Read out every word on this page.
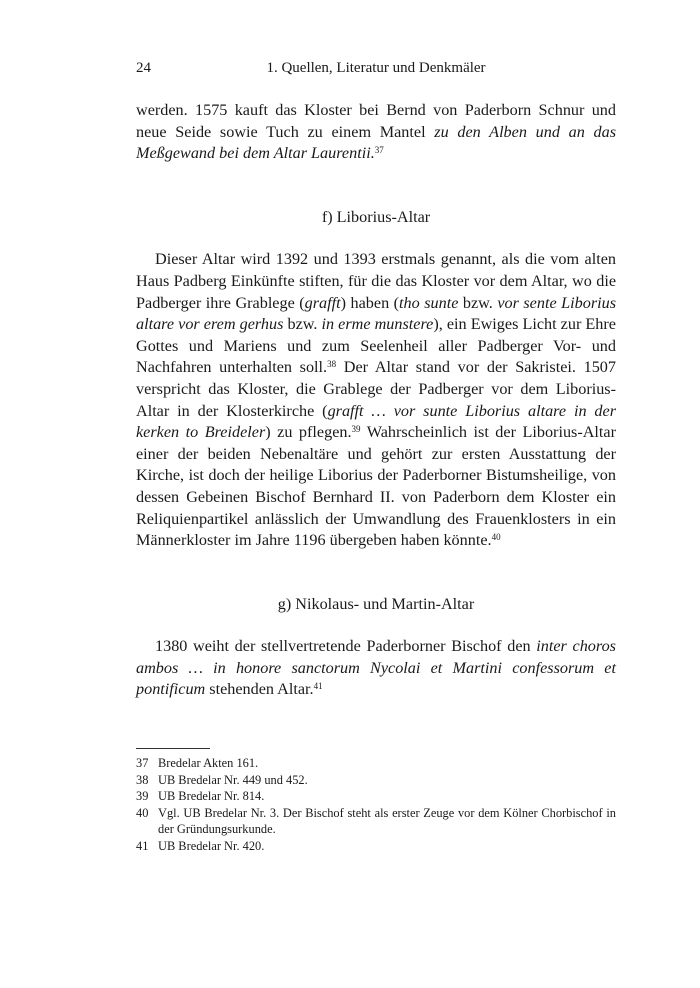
24	1. Quellen, Literatur und Denkmäler

werden. 1575 kauft das Kloster bei Bernd von Paderborn Schnur und neue Seide sowie Tuch zu einem Mantel zu den Alben und an das Meßgewand bei dem Altar Laurentii.$^{37}$

f) Liborius-Altar

Dieser Altar wird 1392 und 1393 erstmals genannt, als die vom alten Haus Padberg Einkünfte stiften, für die das Kloster vor dem Altar, wo die Padberger ihre Grablege (grafft) haben (tho sunte bzw. vor sente Liborius altare vor erem gerhus bzw. in erme munstere), ein Ewiges Licht zur Ehre Gottes und Mariens und zum Seelenheil aller Padberger Vor- und Nachfahren unterhalten soll.$^{38}$ Der Altar stand vor der Sakristei. 1507 verspricht das Kloster, die Grablege der Padberger vor dem Liborius-Altar in der Klosterkirche (grafft … vor sunte Liborius altare in der kerken to Breideler) zu pflegen.$^{39}$ Wahrscheinlich ist der Liborius-Altar einer der beiden Nebenaltäre und gehört zur ersten Ausstattung der Kirche, ist doch der heilige Liborius der Paderborner Bistumsheilige, von dessen Gebeinen Bischof Bernhard II. von Paderborn dem Kloster ein Reliquienpartikel anlässlich der Umwandlung des Frauenklosters in ein Männerkloster im Jahre 1196 übergeben haben könnte.$^{40}$

g) Nikolaus- und Martin-Altar

1380 weiht der stellvertretende Paderborner Bischof den inter choros ambos … in honore sanctorum Nycolai et Martini confessorum et pontificum stehenden Altar.$^{41}$

37 Bredelar Akten 161.
38 UB Bredelar Nr. 449 und 452.
39 UB Bredelar Nr. 814.
40 Vgl. UB Bredelar Nr. 3. Der Bischof steht als erster Zeuge vor dem Kölner Chorbischof in der Gründungsurkunde.
41 UB Bredelar Nr. 420.
